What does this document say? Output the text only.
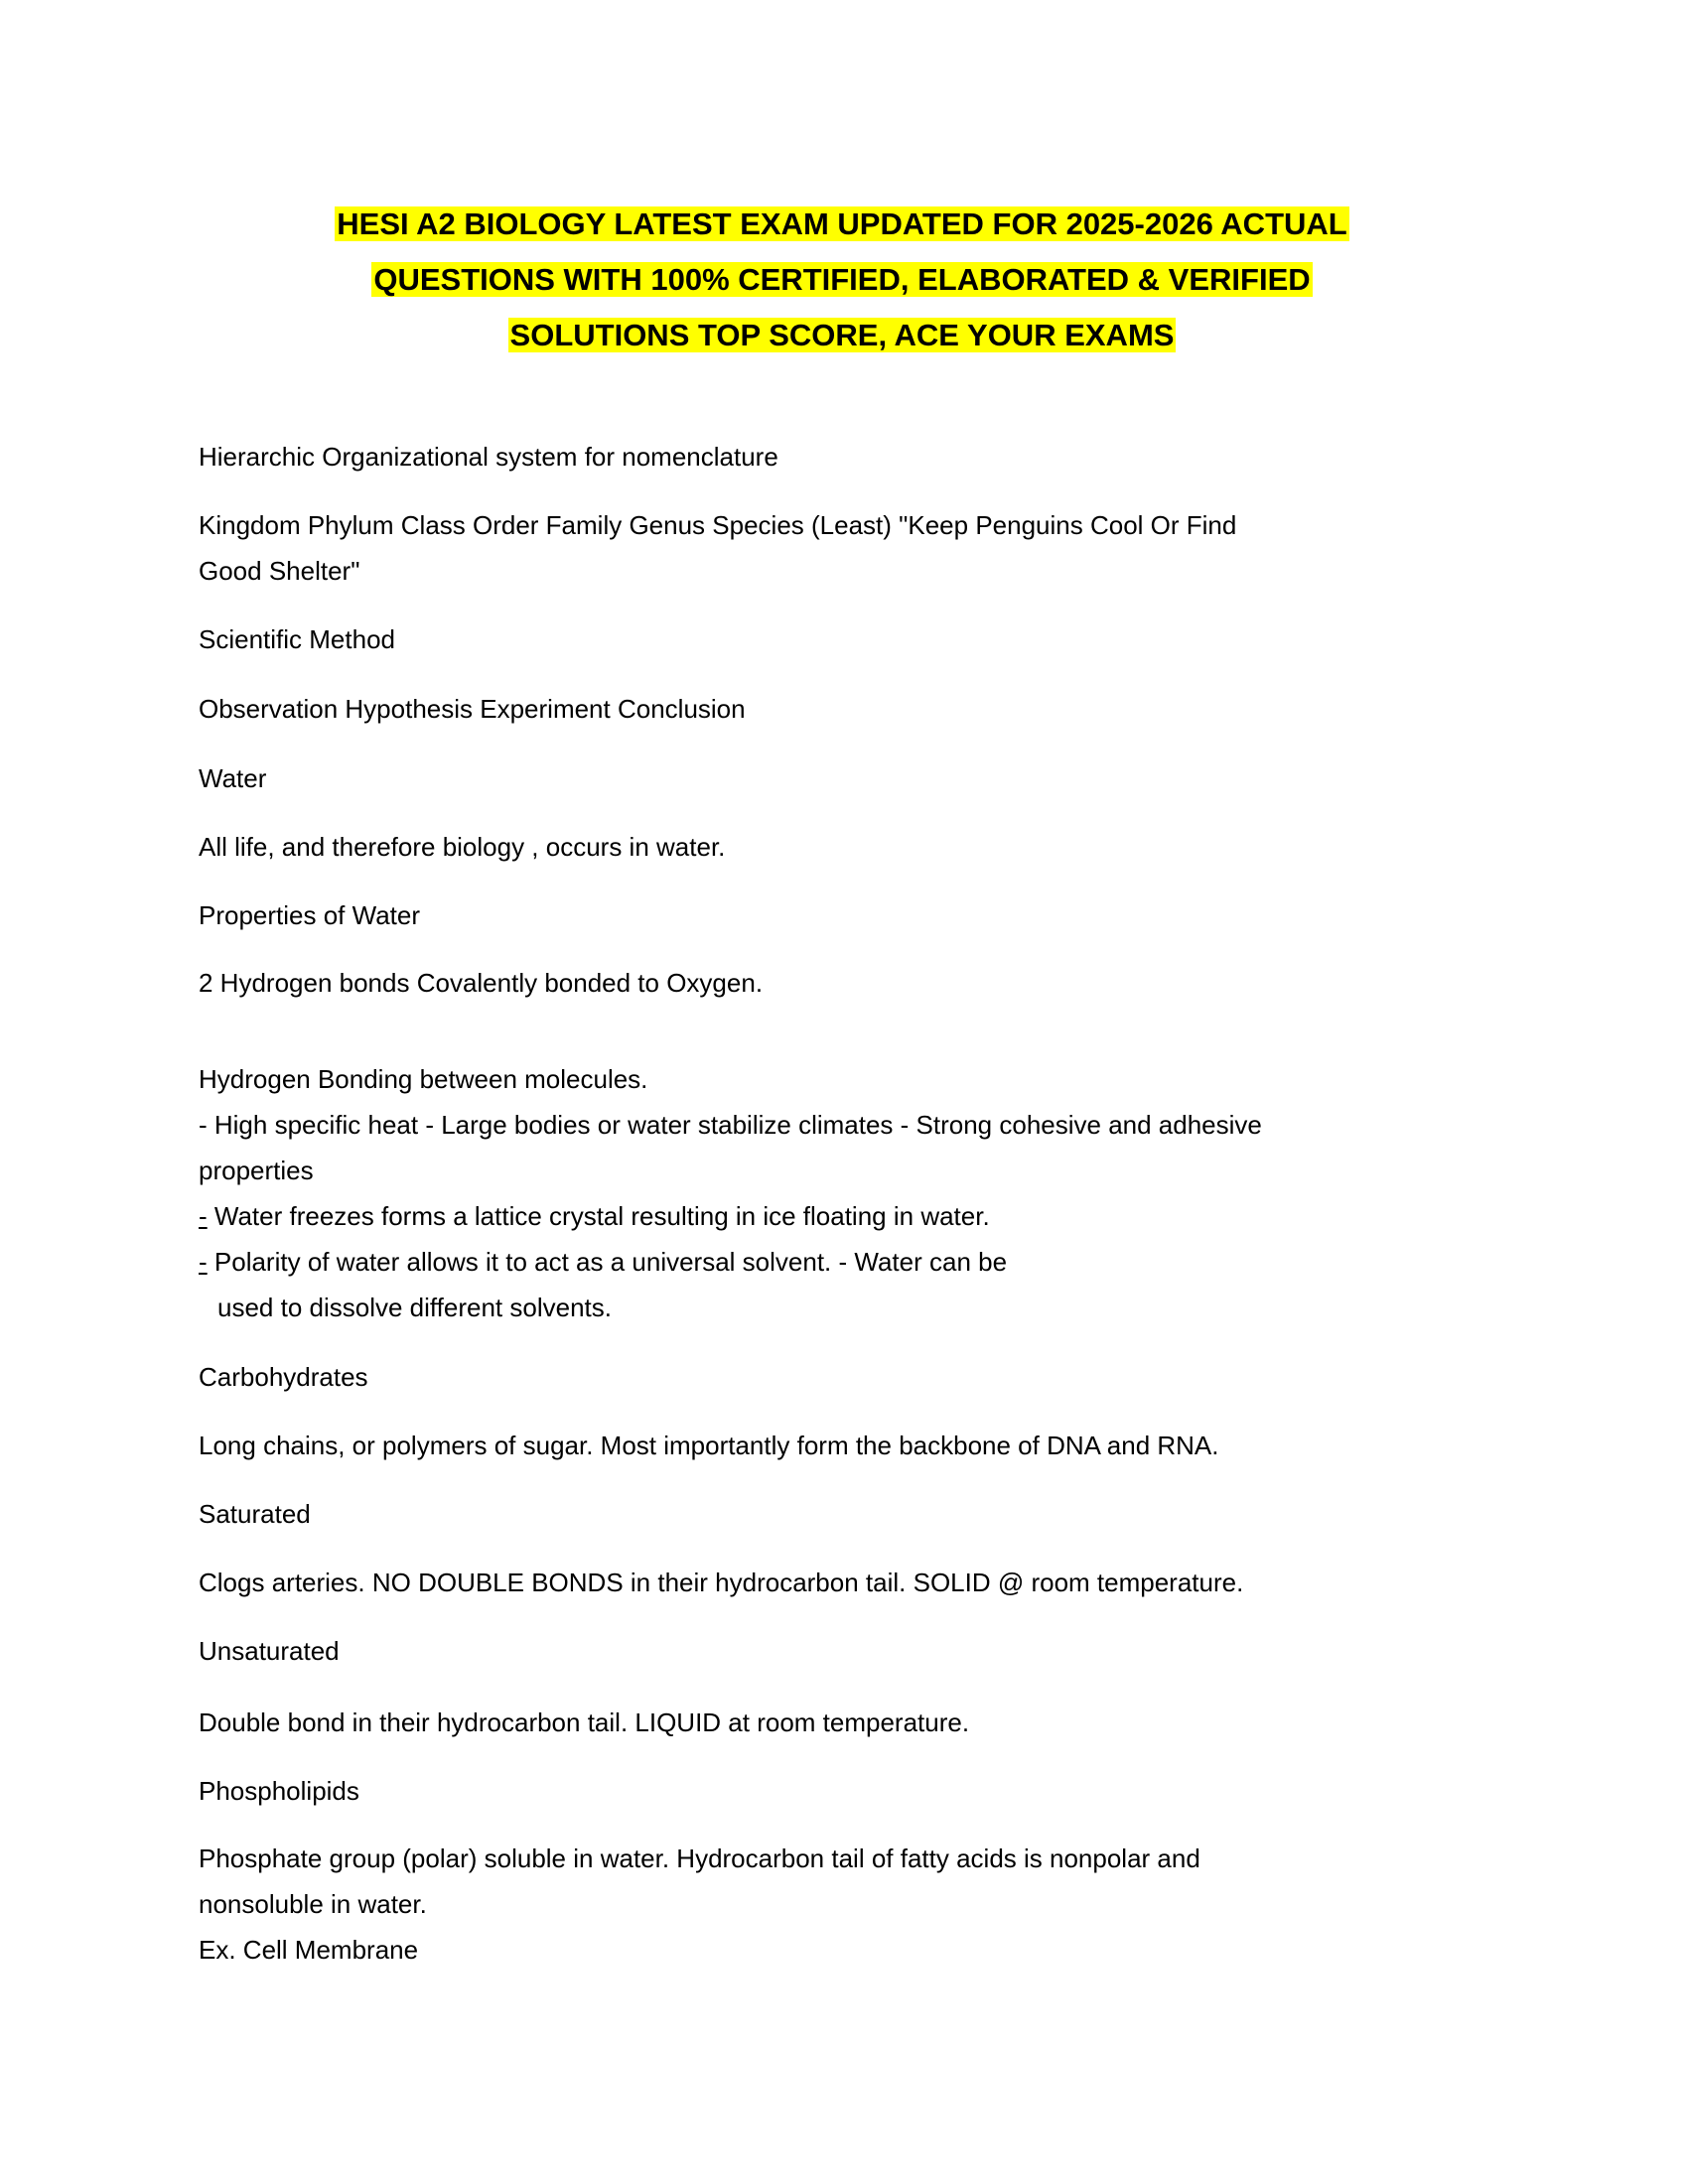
HESI A2 BIOLOGY LATEST EXAM UPDATED FOR 2025-2026 ACTUAL
QUESTIONS WITH 100% CERTIFIED, ELABORATED & VERIFIED
SOLUTIONS TOP SCORE, ACE YOUR EXAMS
Hierarchic Organizational system for nomenclature
Kingdom Phylum Class Order Family Genus Species (Least) "Keep Penguins Cool Or Find
Good Shelter"
Scientific Method
Observation Hypothesis Experiment Conclusion
Water
All life, and therefore biology , occurs in water.
Properties of Water
2 Hydrogen bonds Covalently bonded to Oxygen.
Hydrogen Bonding between molecules.
- High specific heat - Large bodies or water stabilize climates - Strong cohesive and adhesive
properties
- Water freezes forms a lattice crystal resulting in ice floating in water.
- Polarity of water allows it to act as a universal solvent. - Water can be
used to dissolve different solvents.
Carbohydrates
Long chains, or polymers of sugar. Most importantly form the backbone of DNA and RNA.
Saturated
Clogs arteries. NO DOUBLE BONDS in their hydrocarbon tail. SOLID @ room temperature.
Unsaturated
Double bond in their hydrocarbon tail. LIQUID at room temperature.
Phospholipids
Phosphate group (polar) soluble in water. Hydrocarbon tail of fatty acids is nonpolar and
nonsoluble in water.
Ex. Cell Membrane
